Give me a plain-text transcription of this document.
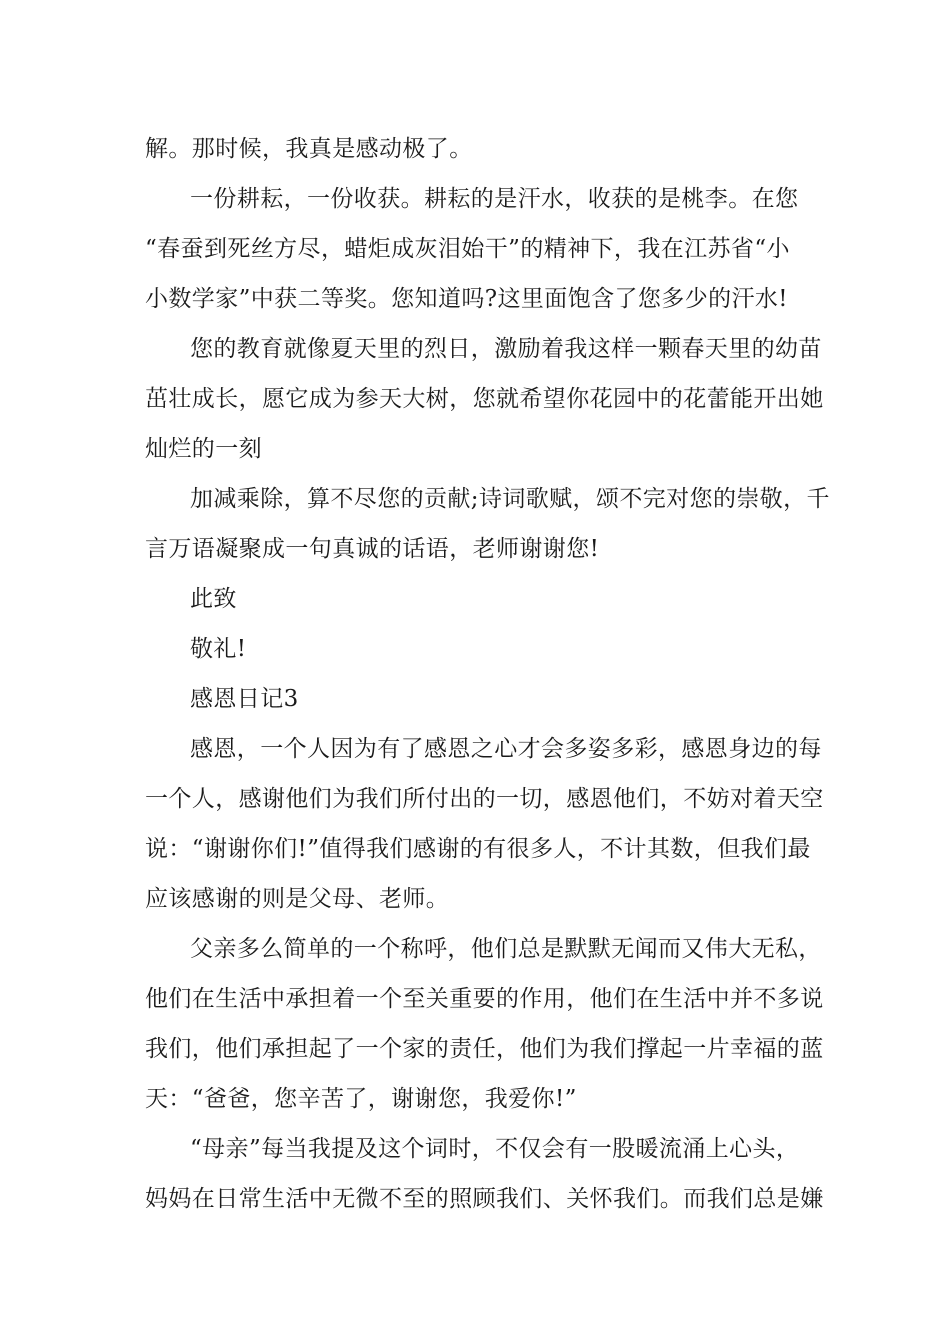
解。那时候，我真是感动极了。
一份耕耘，一份收获。耕耘的是汗水，收获的是桃李。在您
“春蚕到死丝方尽，蜡炬成灰泪始干”的精神下，我在江苏省“小
小数学家”中获二等奖。您知道吗?这里面饱含了您多少的汗水!
您的教育就像夏天里的烈日，激励着我这样一颗春天里的幼苗
茁壮成长，愿它成为参天大树，您就希望你花园中的花蕾能开出她
灿烂的一刻
加减乘除，算不尽您的贡献;诗词歌赋，颂不完对您的崇敬，千
言万语凝聚成一句真诚的话语，老师谢谢您!
此致
敬礼!
感恩日记3
感恩，一个人因为有了感恩之心才会多姿多彩，感恩身边的每
一个人，感谢他们为我们所付出的一切，感恩他们，不妨对着天空
说：“谢谢你们!”值得我们感谢的有很多人，不计其数，但我们最
应该感谢的则是父母、老师。
父亲多么简单的一个称呼，他们总是默默无闻而又伟大无私，
他们在生活中承担着一个至关重要的作用，他们在生活中并不多说
我们，他们承担起了一个家的责任，他们为我们撑起一片幸福的蓝
天：“爸爸，您辛苦了，谢谢您，我爱你!”
“母亲”每当我提及这个词时，不仅会有一股暖流涌上心头，
妈妈在日常生活中无微不至的照顾我们、关怀我们。而我们总是嫌
